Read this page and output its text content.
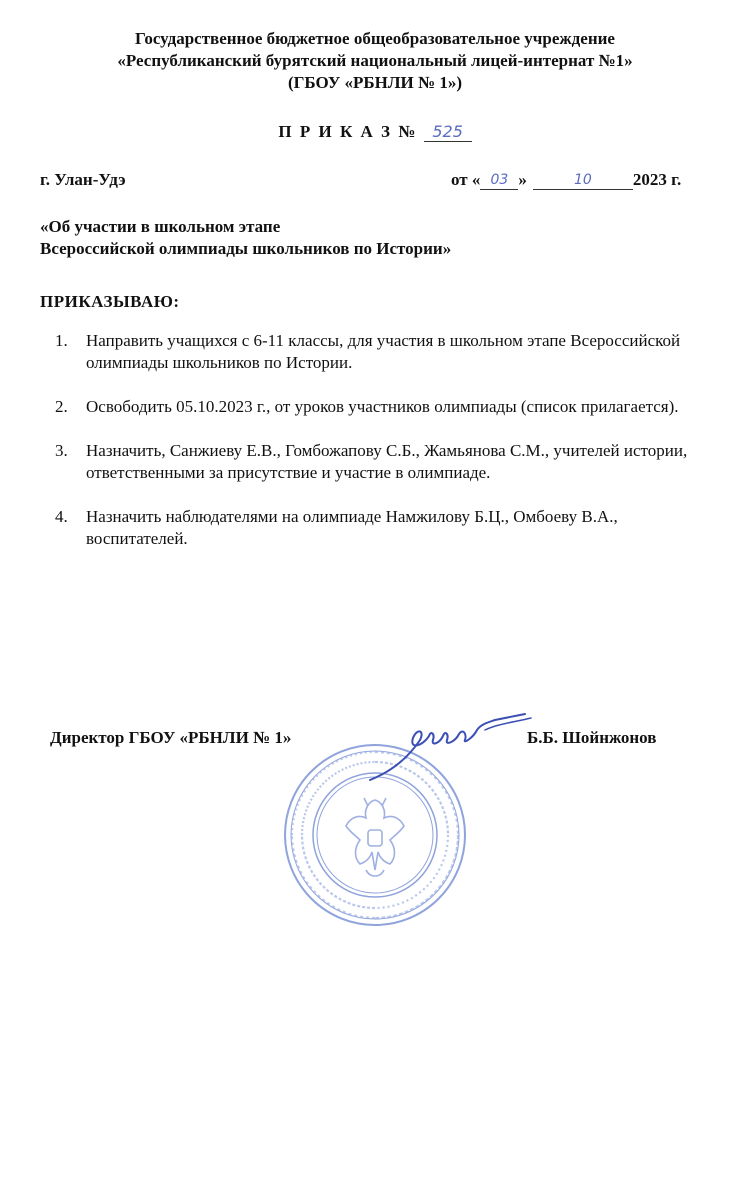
Государственное бюджетное общеобразовательное учреждение
«Республиканский бурятский национальный лицей-интернат №1»
(ГБОУ «РБНЛИ № 1»)
П Р И К А З № 525
г. Улан-Удэ	от « 03 »	10 2023 г.
«Об участии в школьном этапе
Всероссийской олимпиады школьников по Истории»
ПРИКАЗЫВАЮ:
1. Направить учащихся с 6-11 классы, для участия в школьном этапе Всероссийской олимпиады школьников по Истории.
2. Освободить 05.10.2023 г., от уроков участников олимпиады (список прилагается).
3. Назначить, Санжиеву Е.В., Гомбожапову С.Б., Жамьянова С.М., учителей истории, ответственными за присутствие и участие в олимпиаде.
4. Назначить наблюдателями на олимпиаде Намжилову Б.Ц., Омбоеву В.А., воспитателей.
Директор ГБОУ «РБНЛИ № 1»	Б.Б. Шойнжонов
